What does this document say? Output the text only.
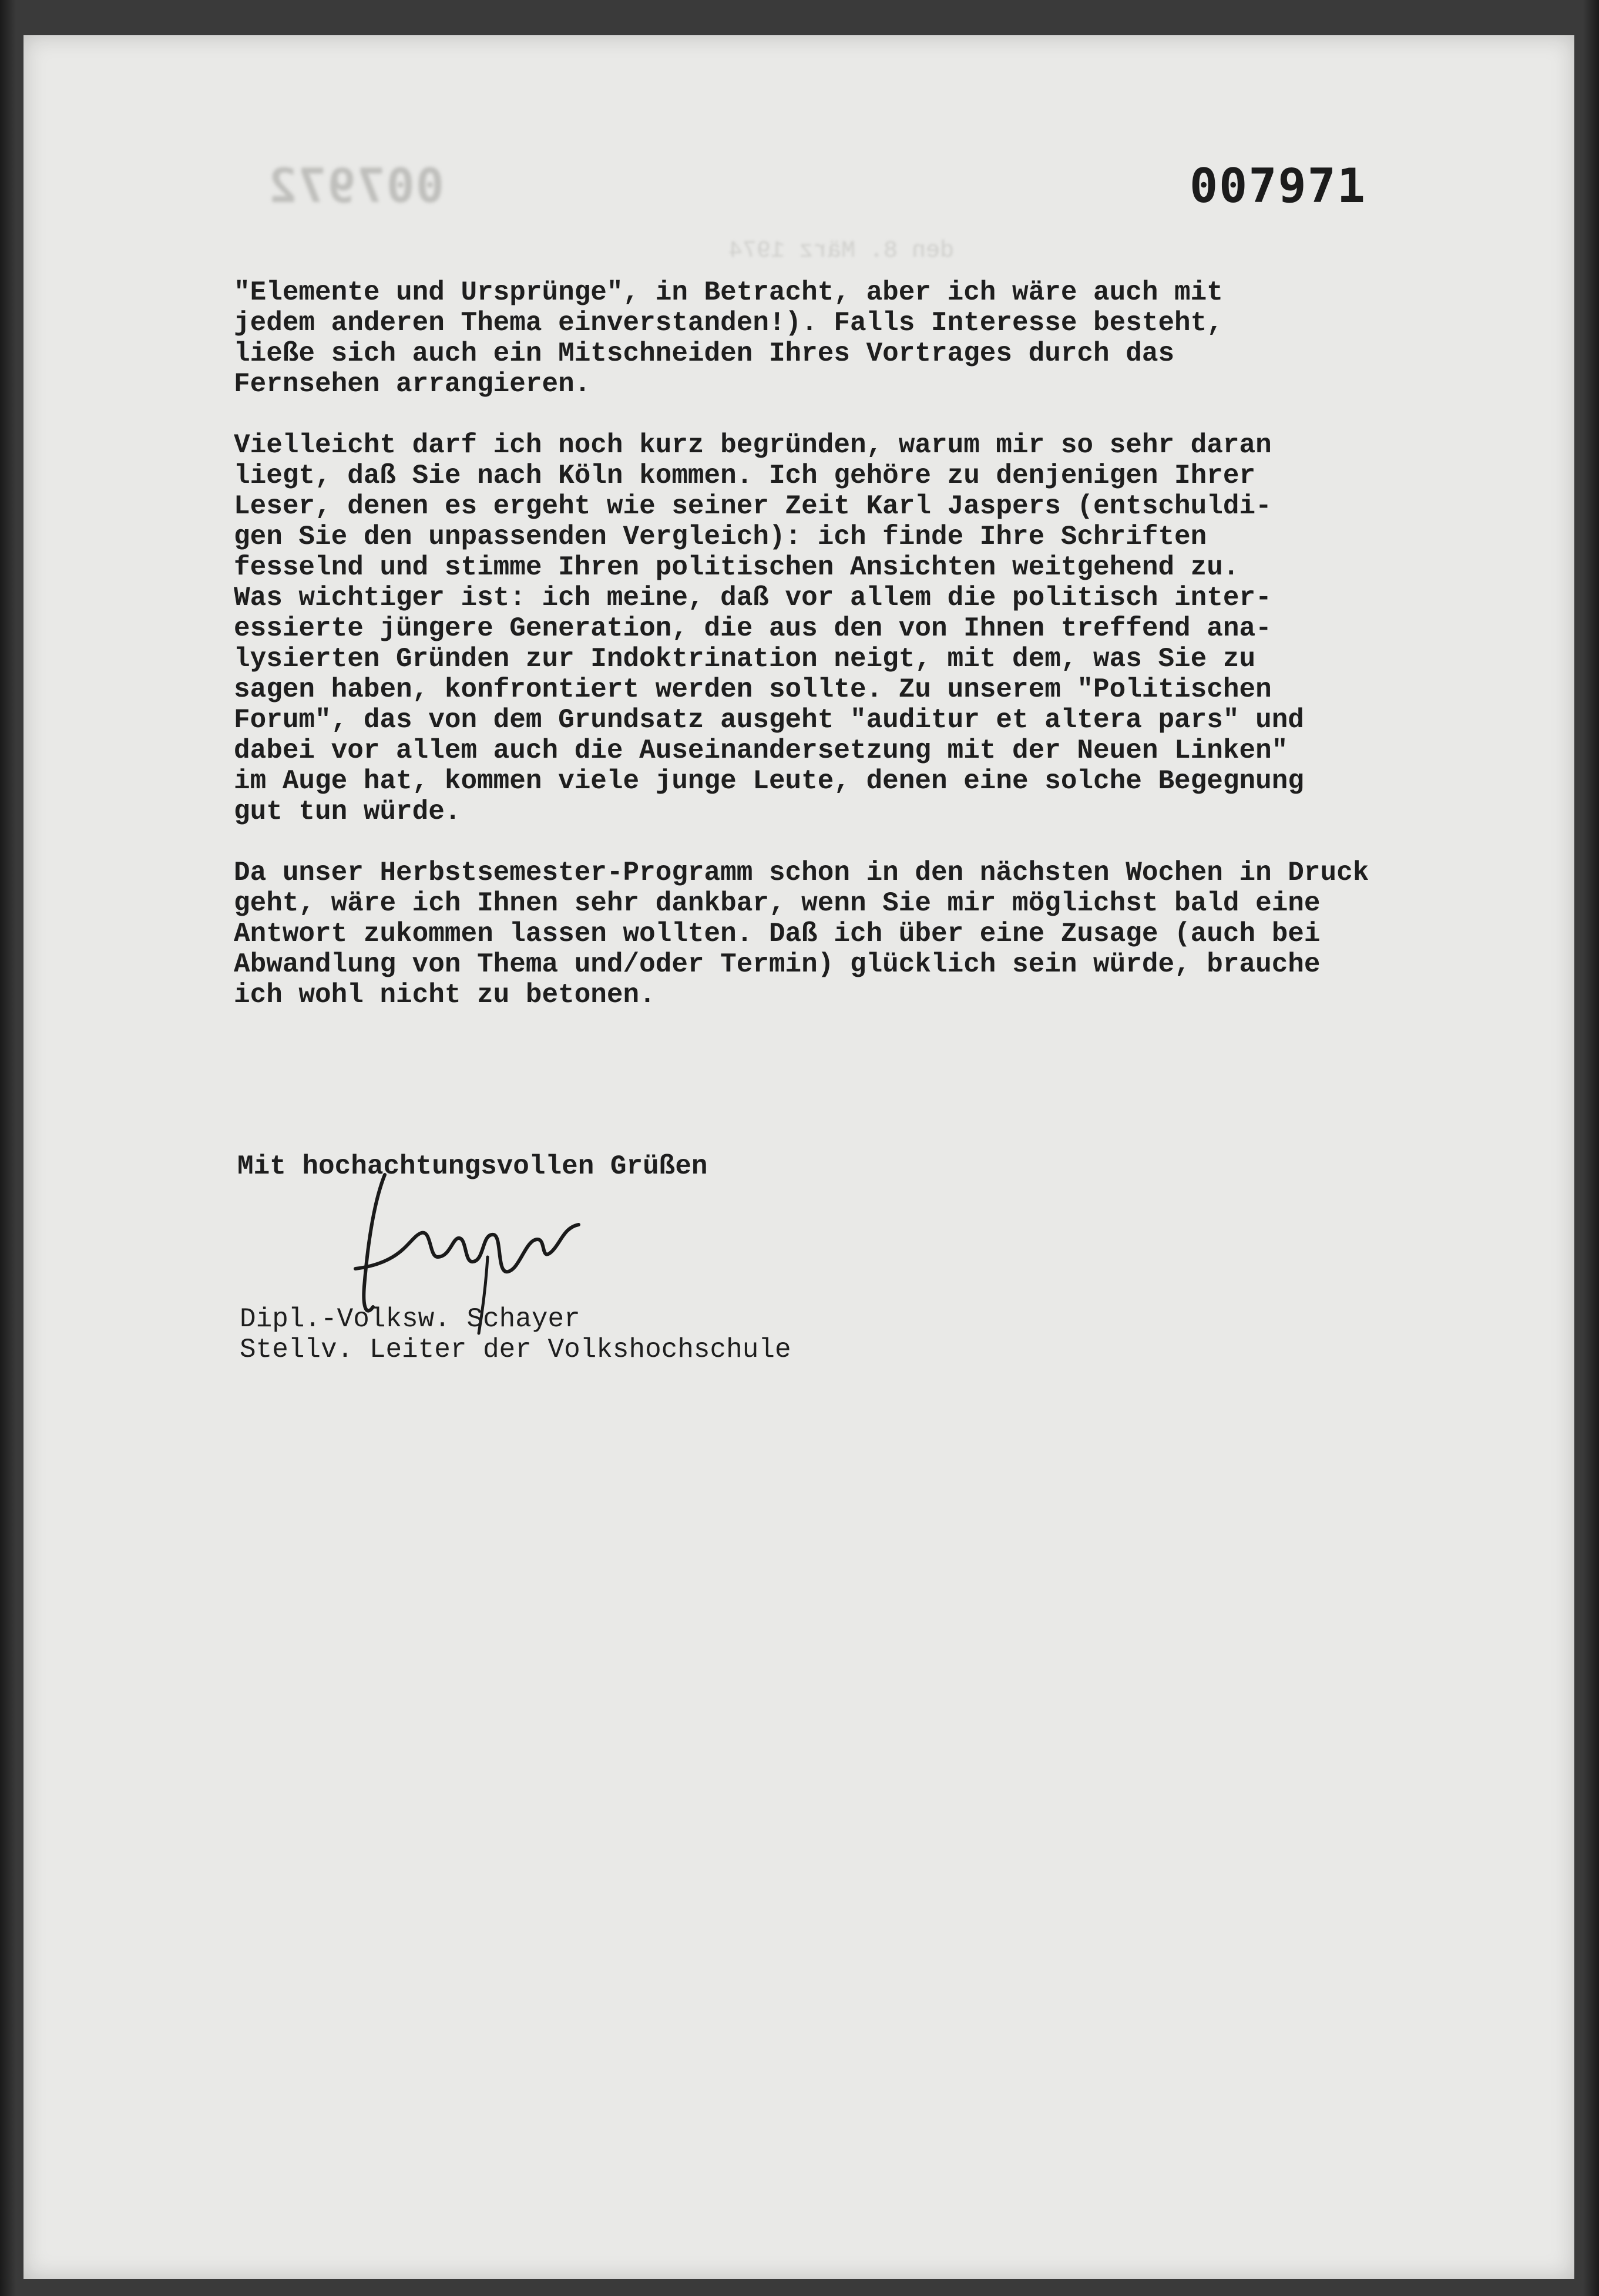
007972	007971
den 8. März 1974
"Elemente und Ursprünge", in Betracht, aber ich wäre auch mit
jedem anderen Thema einverstanden!). Falls Interesse besteht,
ließe sich auch ein Mitschneiden Ihres Vortrages durch das
Fernsehen arrangieren.
Vielleicht darf ich noch kurz begründen, warum mir so sehr daran
liegt, daß Sie nach Köln kommen. Ich gehöre zu denjenigen Ihrer
Leser, denen es ergeht wie seiner Zeit Karl Jaspers (entschuldi-
gen Sie den unpassenden Vergleich): ich finde Ihre Schriften
fesselnd und stimme Ihren politischen Ansichten weitgehend zu.
Was wichtiger ist: ich meine, daß vor allem die politisch inter-
essierte jüngere Generation, die aus den von Ihnen treffend ana-
lysierten Gründen zur Indoktrination neigt, mit dem, was Sie zu
sagen haben, konfrontiert werden sollte. Zu unserem "Politischen
Forum", das von dem Grundsatz ausgeht "auditur et altera pars" und
dabei vor allem auch die Auseinandersetzung mit der Neuen Linken"
im Auge hat, kommen viele junge Leute, denen eine solche Begegnung
gut tun würde.
Da unser Herbstsemester-Programm schon in den nächsten Wochen in Druck
geht, wäre ich Ihnen sehr dankbar, wenn Sie mir möglichst bald eine
Antwort zukommen lassen wollten. Daß ich über eine Zusage (auch bei
Abwandlung von Thema und/oder Termin) glücklich sein würde, brauche
ich wohl nicht zu betonen.
Mit hochachtungsvollen Grüßen
Dipl.-Volksw. Schayer
Stellv. Leiter der Volkshochschule
